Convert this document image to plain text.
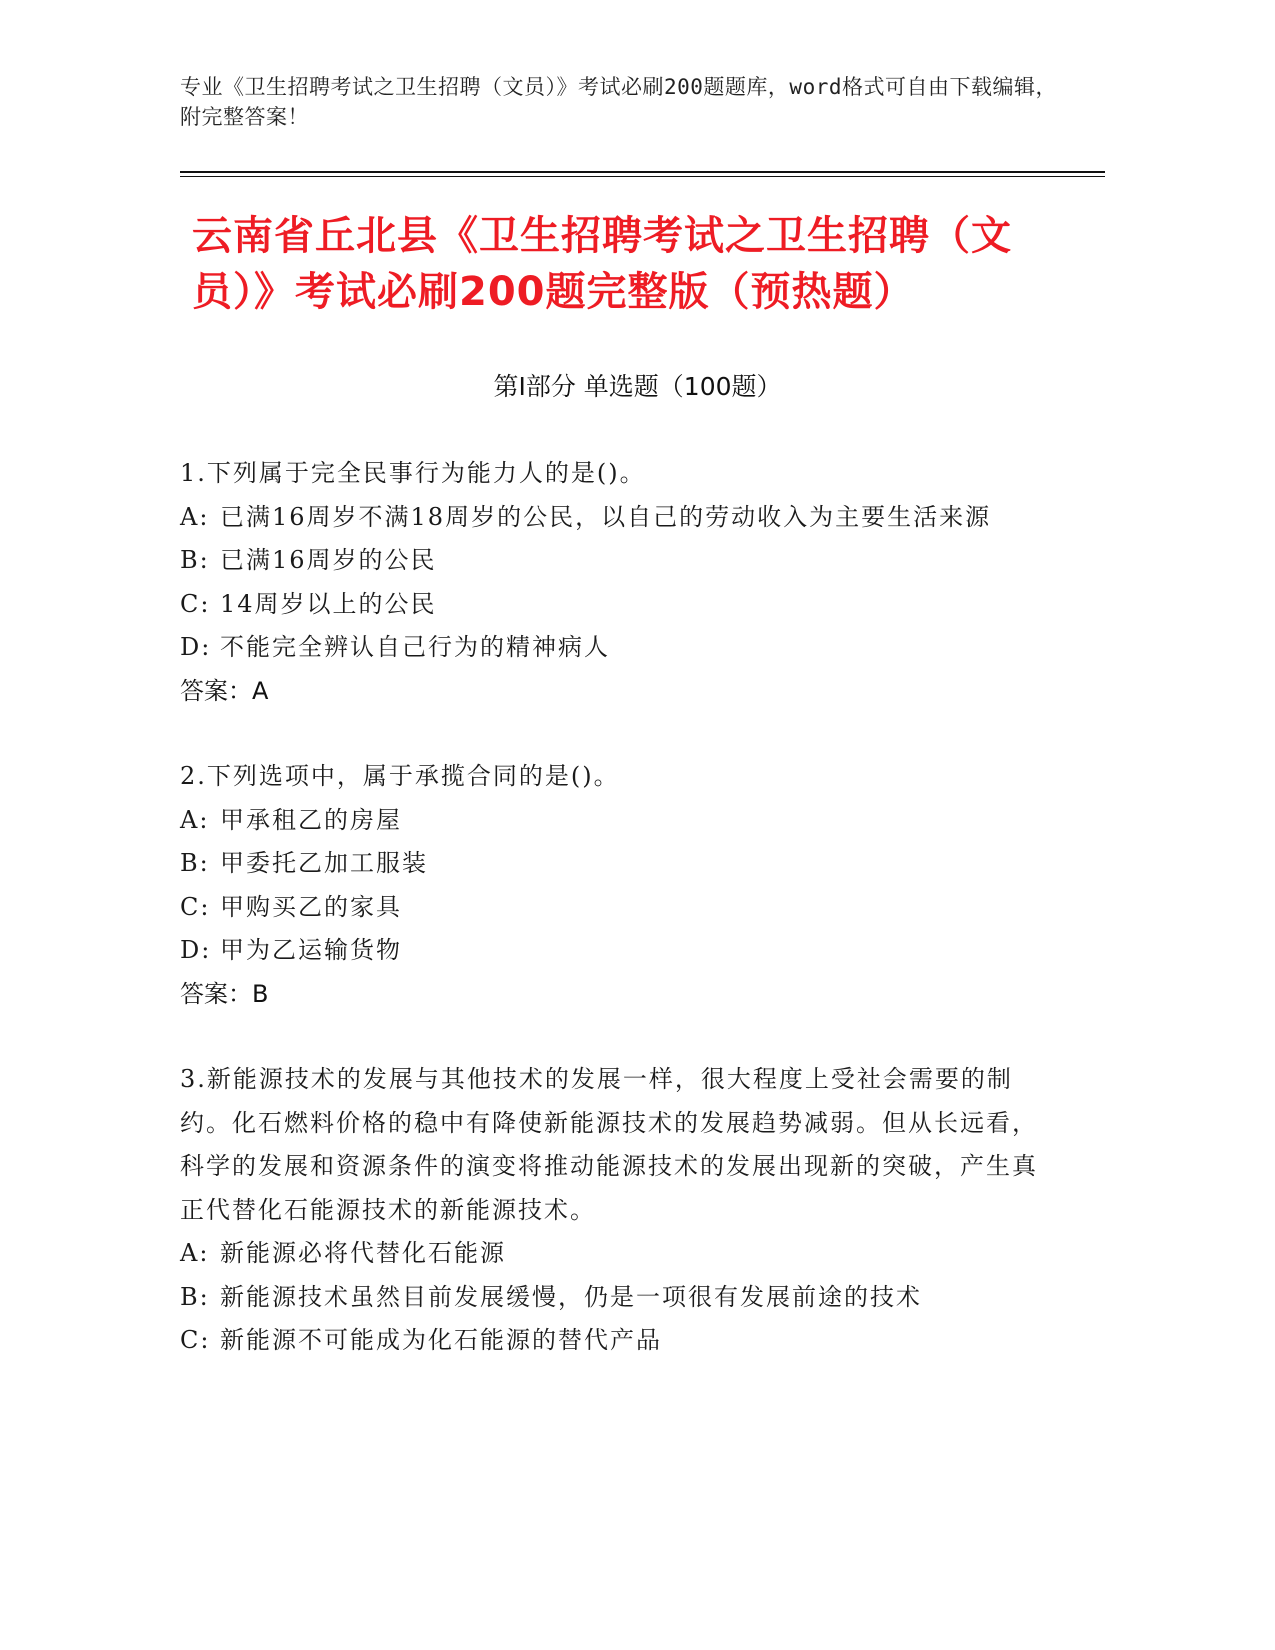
专业《卫生招聘考试之卫生招聘（文员）》考试必刷200题题库，word格式可自由下载编辑，附完整答案！
云南省丘北县《卫生招聘考试之卫生招聘（文员）》考试必刷200题完整版（预热题）
第Ⅰ部分 单选题（100题）
1.下列属于完全民事行为能力人的是()。
A: 已满16周岁不满18周岁的公民，以自己的劳动收入为主要生活来源
B: 已满16周岁的公民
C: 14周岁以上的公民
D: 不能完全辨认自己行为的精神病人
答案：A
2.下列选项中，属于承揽合同的是()。
A: 甲承租乙的房屋
B: 甲委托乙加工服装
C: 甲购买乙的家具
D: 甲为乙运输货物
答案：B
3.新能源技术的发展与其他技术的发展一样，很大程度上受社会需要的制约。化石燃料价格的稳中有降使新能源技术的发展趋势减弱。但从长远看，科学的发展和资源条件的演变将推动能源技术的发展出现新的突破，产生真正代替化石能源技术的新能源技术。
A: 新能源必将代替化石能源
B: 新能源技术虽然目前发展缓慢，仍是一项很有发展前途的技术
C: 新能源不可能成为化石能源的替代产品
